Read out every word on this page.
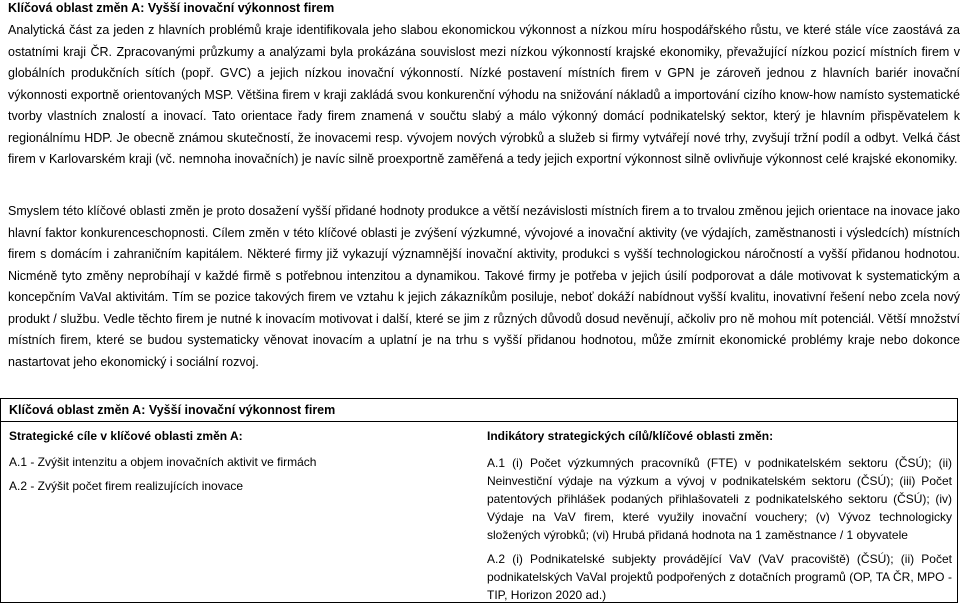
Klíčová oblast změn A: Vyšší inovační výkonnost firem

Analytická část za jeden z hlavních problémů kraje identifikovala jeho slabou ekonomickou výkonnost a nízkou míru hospodářského růstu, ve které stále více zaostává za ostatními kraji ČR. Zpracovanými průzkumy a analýzami byla prokázána souvislost mezi nízkou výkonností krajské ekonomiky, převažující nízkou pozicí místních firem v globálních produkčních sítích (popř. GVC) a jejich nízkou inovační výkonností. Nízké postavení místních firem v GPN je zároveň jednou z hlavních bariér inovační výkonnosti exportně orientovaných MSP. Většina firem v kraji zakládá svou konkurenční výhodu na snižování nákladů a importování cizího know-how namísto systematické tvorby vlastních znalostí a inovací. Tato orientace řady firem znamená v součtu slabý a málo výkonný domácí podnikatelský sektor, který je hlavním přispěvatelem k regionálnímu HDP. Je obecně známou skutečností, že inovacemi resp. vývojem nových výrobků a služeb si firmy vytvářejí nové trhy, zvyšují tržní podíl a odbyt. Velká část firem v Karlovarském kraji (vč. nemnoha inovačních) je navíc silně proexportně zaměřená a tedy jejich exportní výkonnost silně ovlivňuje výkonnost celé krajské ekonomiky.

Smyslem této klíčové oblasti změn je proto dosažení vyšší přidané hodnoty produkce a větší nezávislosti místních firem a to trvalou změnou jejich orientace na inovace jako hlavní faktor konkurenceschopnosti. Cílem změn v této klíčové oblasti je zvýšení výzkumné, vývojové a inovační aktivity (ve výdajích, zaměstnanosti i výsledcích) místních firem s domácím i zahraničním kapitálem. Některé firmy již vykazují významnější inovační aktivity, produkci s vyšší technologickou náročností a vyšší přidanou hodnotou. Nicméně tyto změny neprobíhají v každé firmě s potřebnou intenzitou a dynamikou. Takové firmy je potřeba v jejich úsilí podporovat a dále motivovat k systematickým a koncepčním VaVaI aktivitám. Tím se pozice takových firem ve vztahu k jejich zákazníkům posiluje, neboť dokáží nabídnout vyšší kvalitu, inovativní řešení nebo zcela nový produkt / službu. Vedle těchto firem je nutné k inovacím motivovat i další, které se jim z různých důvodů dosud nevěnují, ačkoliv pro ně mohou mít potenciál. Větší množství místních firem, které se budou systematicky věnovat inovacím a uplatní je na trhu s vyšší přidanou hodnotou, může zmírnit ekonomické problémy kraje nebo dokonce nastartovat jeho ekonomický i sociální rozvoj.

Klíčová oblast změn A: Vyšší inovační výkonnost firem

Strategické cíle v klíčové oblasti změn A:

A.1 - Zvýšit intenzitu a objem inovačních aktivit ve firmách

A.2 - Zvýšit počet firem realizujících inovace

Indikátory strategických cílů/klíčové oblasti změn:

A.1 (i) Počet výzkumných pracovníků (FTE) v podnikatelském sektoru (ČSÚ); (ii) Neinvestiční výdaje na výzkum a vývoj v podnikatelském sektoru (ČSÚ); (iii) Počet patentových přihlášek podaných přihlašovateli z podnikatelského sektoru (ČSÚ); (iv) Výdaje na VaV firem, které využily inovační vouchery; (v) Vývoz technologicky složených výrobků; (vi) Hrubá přidaná hodnota na 1 zaměstnance / 1 obyvatele

A.2 (i) Podnikatelské subjekty provádějící VaV (VaV pracoviště) (ČSÚ); (ii) Počet podnikatelských VaVaI projektů podpořených z dotačních programů (OP, TA ČR, MPO - TIP, Horizon 2020 ad.)
